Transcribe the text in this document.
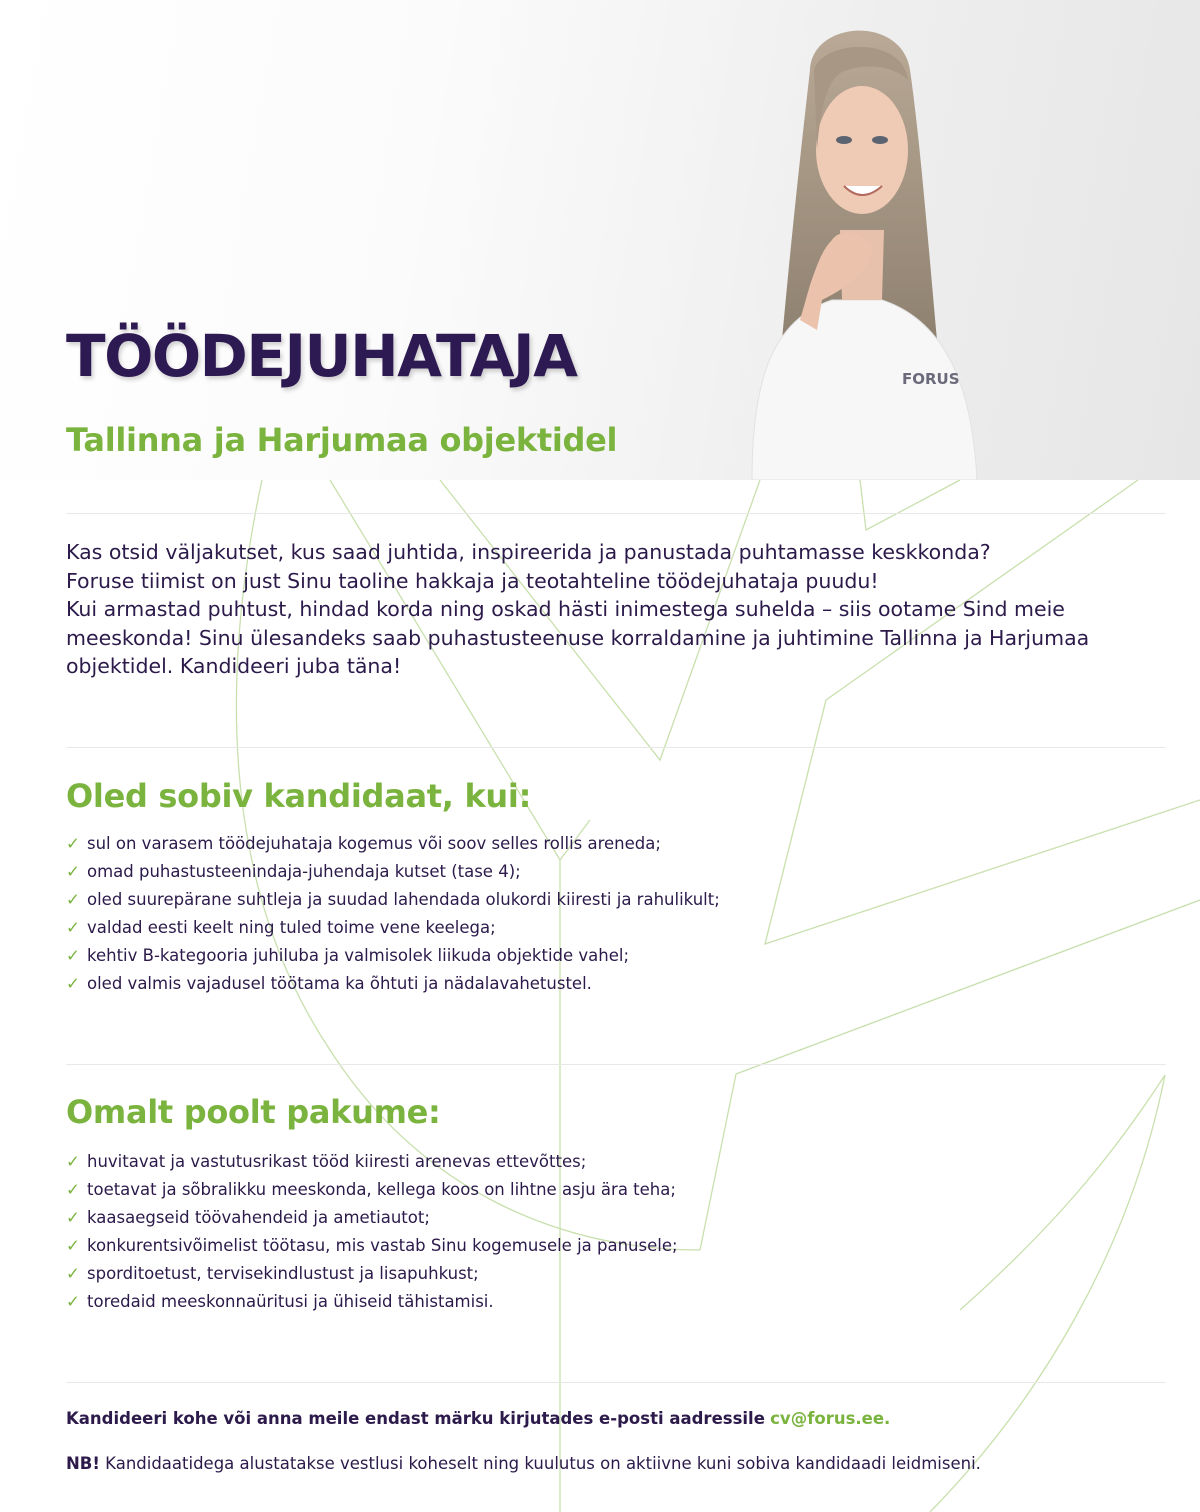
FORUS
TÖÖDEJUHATAJA
Tallinna ja Harjumaa objektidel

Kas otsid väljakutset, kus saad juhtida, inspireerida ja panustada puhtamasse keskkonda?

Foruse tiimist on just Sinu taoline hakkaja ja teotahteline töödejuhataja puudu!

Kui armastad puhtust, hindad korda ning oskad hästi inimestega suhelda – siis ootame Sind meie

meeskonda! Sinu ülesandeks saab puhastusteenuse korraldamine ja juhtimine Tallinna ja Harjumaa

objektidel. Kandideeri juba täna!

Oled sobiv kandidaat, kui:
✓ sul on varasem töödejuhataja kogemus või soov selles rollis areneda;
✓ omad puhastusteenindaja-juhendaja kutset (tase 4);
✓ oled suurepärane suhtleja ja suudad lahendada olukordi kiiresti ja rahulikult;
✓ valdad eesti keelt ning tuled toime vene keelega;
✓ kehtiv B-kategooria juhiluba ja valmisolek liikuda objektide vahel;
✓ oled valmis vajadusel töötama ka õhtuti ja nädalavahetustel.
Omalt poolt pakume:
✓ huvitavat ja vastutusrikast tööd kiiresti arenevas ettevõttes;
✓ toetavat ja sõbralikku meeskonda, kellega koos on lihtne asju ära teha;
✓ kaasaegseid töövahendeid ja ametiautot;
✓ konkurentsivõimelist töötasu, mis vastab Sinu kogemusele ja panusele;
✓ sporditoetust, tervisekindlustust ja lisapuhkust;
✓ toredaid meeskonnaüritusi ja ühiseid tähistamisi.

Kandideeri kohe või anna meile endast märku kirjutades e-posti aadressile cv@forus.ee.

NB! Kandidaatidega alustatakse vestlusi koheselt ning kuulutus on aktiivne kuni sobiva kandidaadi leidmiseni.
